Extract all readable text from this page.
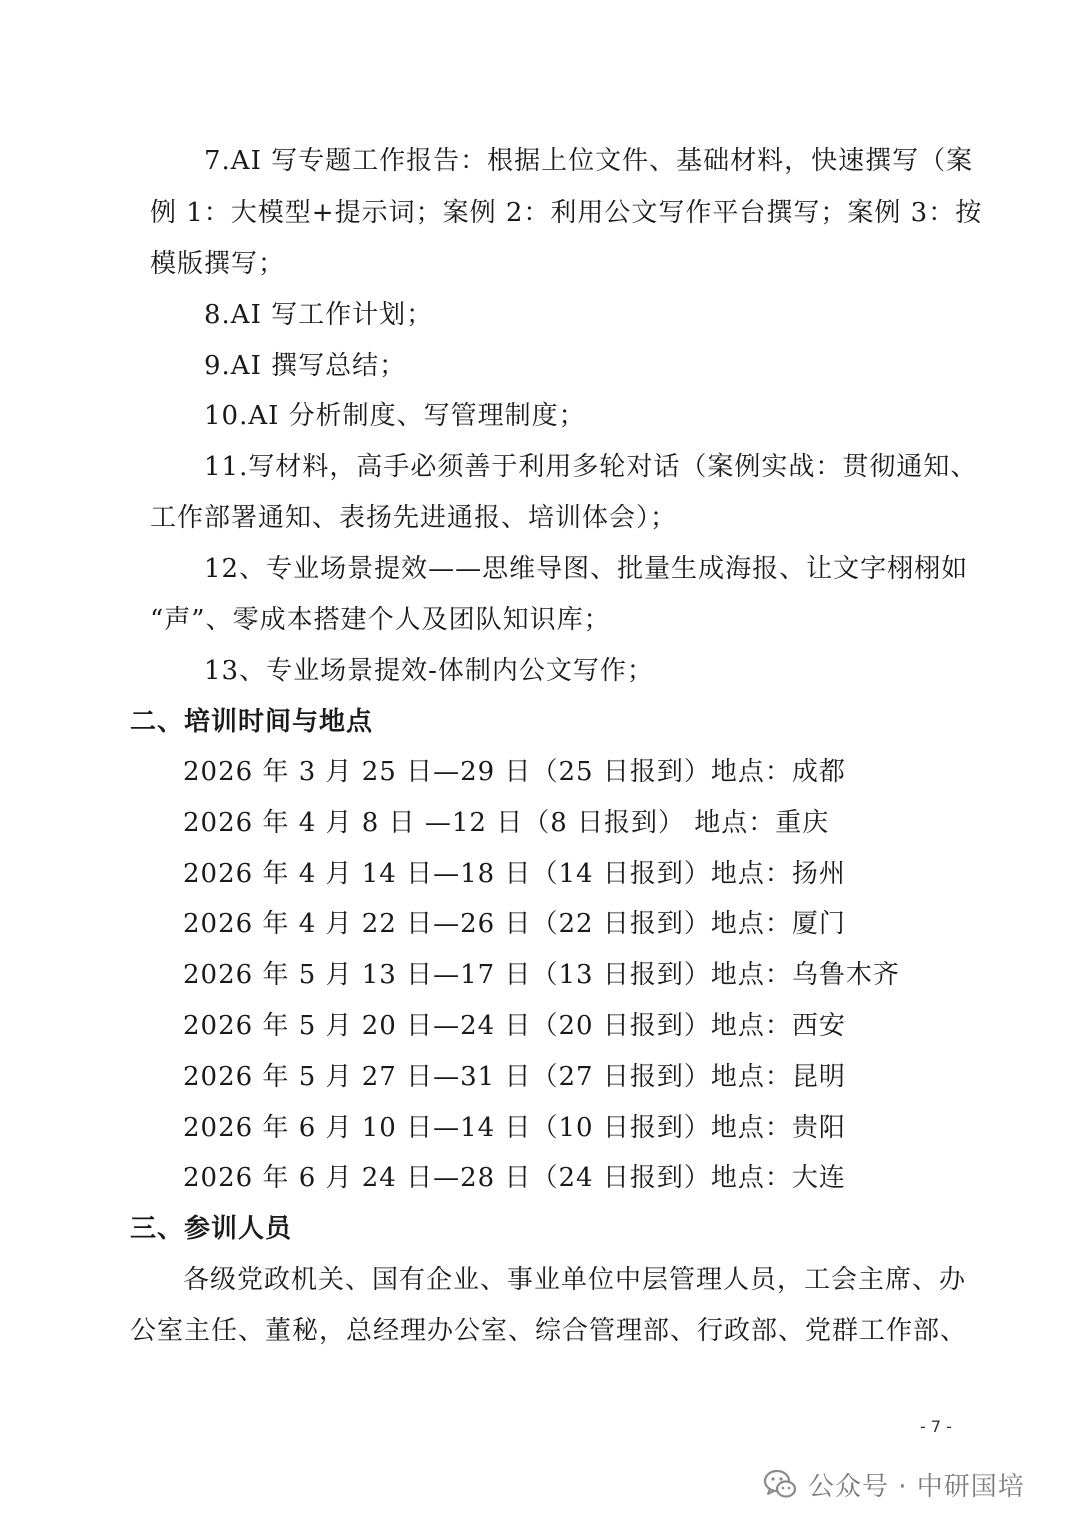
7.AI 写专题工作报告：根据上位文件、基础材料，快速撰写（案
例 1：大模型+提示词；案例 2：利用公文写作平台撰写；案例 3：按
模版撰写；
8.AI 写工作计划；
9.AI 撰写总结；
10.AI 分析制度、写管理制度；
11.写材料，高手必须善于利用多轮对话（案例实战：贯彻通知、
工作部署通知、表扬先进通报、培训体会）；
12、专业场景提效——思维导图、批量生成海报、让文字栩栩如
“声”、零成本搭建个人及团队知识库；
13、专业场景提效-体制内公文写作；
二、培训时间与地点
2026 年 3 月 25 日—29 日（25 日报到）地点：成都
2026 年 4 月 8 日 —12 日（8 日报到） 地点：重庆
2026 年 4 月 14 日—18 日（14 日报到）地点：扬州
2026 年 4 月 22 日—26 日（22 日报到）地点：厦门
2026 年 5 月 13 日—17 日（13 日报到）地点：乌鲁木齐
2026 年 5 月 20 日—24 日（20 日报到）地点：西安
2026 年 5 月 27 日—31 日（27 日报到）地点：昆明
2026 年 6 月 10 日—14 日（10 日报到）地点：贵阳
2026 年 6 月 24 日—28 日（24 日报到）地点：大连
三、参训人员
各级党政机关、国有企业、事业单位中层管理人员，工会主席、办
公室主任、董秘，总经理办公室、综合管理部、行政部、党群工作部、
- 7 -
公众号 · 中研国培
